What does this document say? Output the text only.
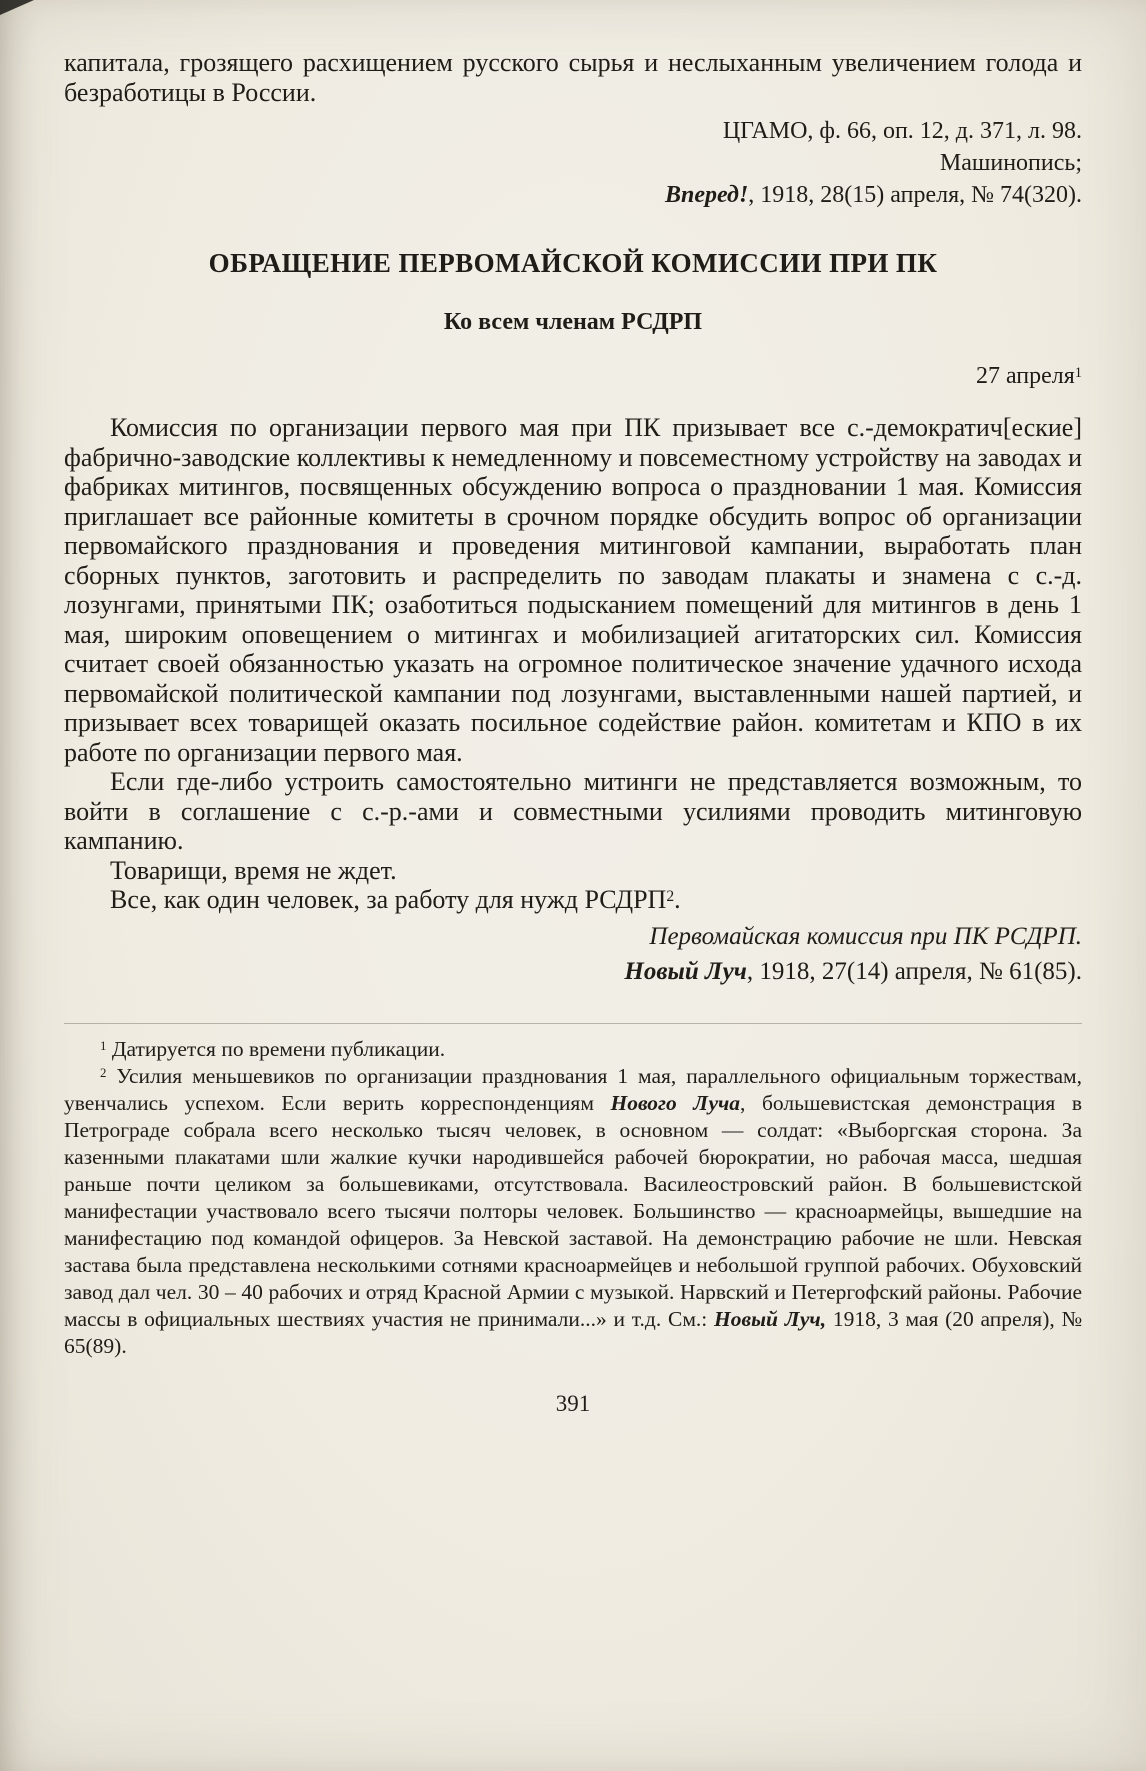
капитала, грозящего расхищением русского сырья и неслыханным увеличением голода и безработицы в России.

ЦГАМО, ф. 66, оп. 12, д. 371, л. 98.
Машинопись;
Вперед!, 1918, 28(15) апреля, № 74(320).
ОБРАЩЕНИЕ ПЕРВОМАЙСКОЙ КОМИССИИ ПРИ ПК
Ко всем членам РСДРП
27 апреля$^1$

Комиссия по организации первого мая при ПК призывает все с.-демократич[еские] фабрично-заводские коллективы к немедленному и повсеместному устройству на заводах и фабриках митингов, посвященных обсуждению вопроса о праздновании 1 мая. Комиссия приглашает все районные комитеты в срочном порядке обсудить вопрос об организации первомайского празднования и проведения митинговой кампании, выработать план сборных пунктов, заготовить и распределить по заводам плакаты и знамена с с.-д. лозунгами, принятыми ПК; озаботиться подысканием помещений для митингов в день 1 мая, широким оповещением о митингах и мобилизацией агитаторских сил. Комиссия считает своей обязанностью указать на огромное политическое значение удачного исхода первомайской политической кампании под лозунгами, выставленными нашей партией, и призывает всех товарищей оказать посильное содействие район. комитетам и КПО в их работе по организации первого мая.

Если где-либо устроить самостоятельно митинги не представляется возможным, то войти в соглашение с с.-р.-ами и совместными усилиями проводить митинговую кампанию.

Товарищи, время не ждет.

Все, как один человек, за работу для нужд РСДРП$^2$.

Первомайская комиссия при ПК РСДРП.

Новый Луч, 1918, 27(14) апреля, № 61(85).

$^1$ Датируется по времени публикации.

$^2$ Усилия меньшевиков по организации празднования 1 мая, параллельного официальным торжествам, увенчались успехом. Если верить корреспонденциям Нового Луча, большевистская демонстрация в Петрограде собрала всего несколько тысяч человек, в основном — солдат: «Выборгская сторона. За казенными плакатами шли жалкие кучки народившейся рабочей бюрократии, но рабочая масса, шедшая раньше почти целиком за большевиками, отсутствовала. Василеостровский район. В большевистской манифестации участвовало всего тысячи полторы человек. Большинство — красноармейцы, вышедшие на манифестацию под командой офицеров. За Невской заставой. На демонстрацию рабочие не шли. Невская застава была представлена несколькими сотнями красноармейцев и небольшой группой рабочих. Обуховский завод дал чел. 30 – 40 рабочих и отряд Красной Армии с музыкой. Нарвский и Петергофский районы. Рабочие массы в официальных шествиях участия не принимали...» и т.д. См.: Новый Луч, 1918, 3 мая (20 апреля), № 65(89).

391
